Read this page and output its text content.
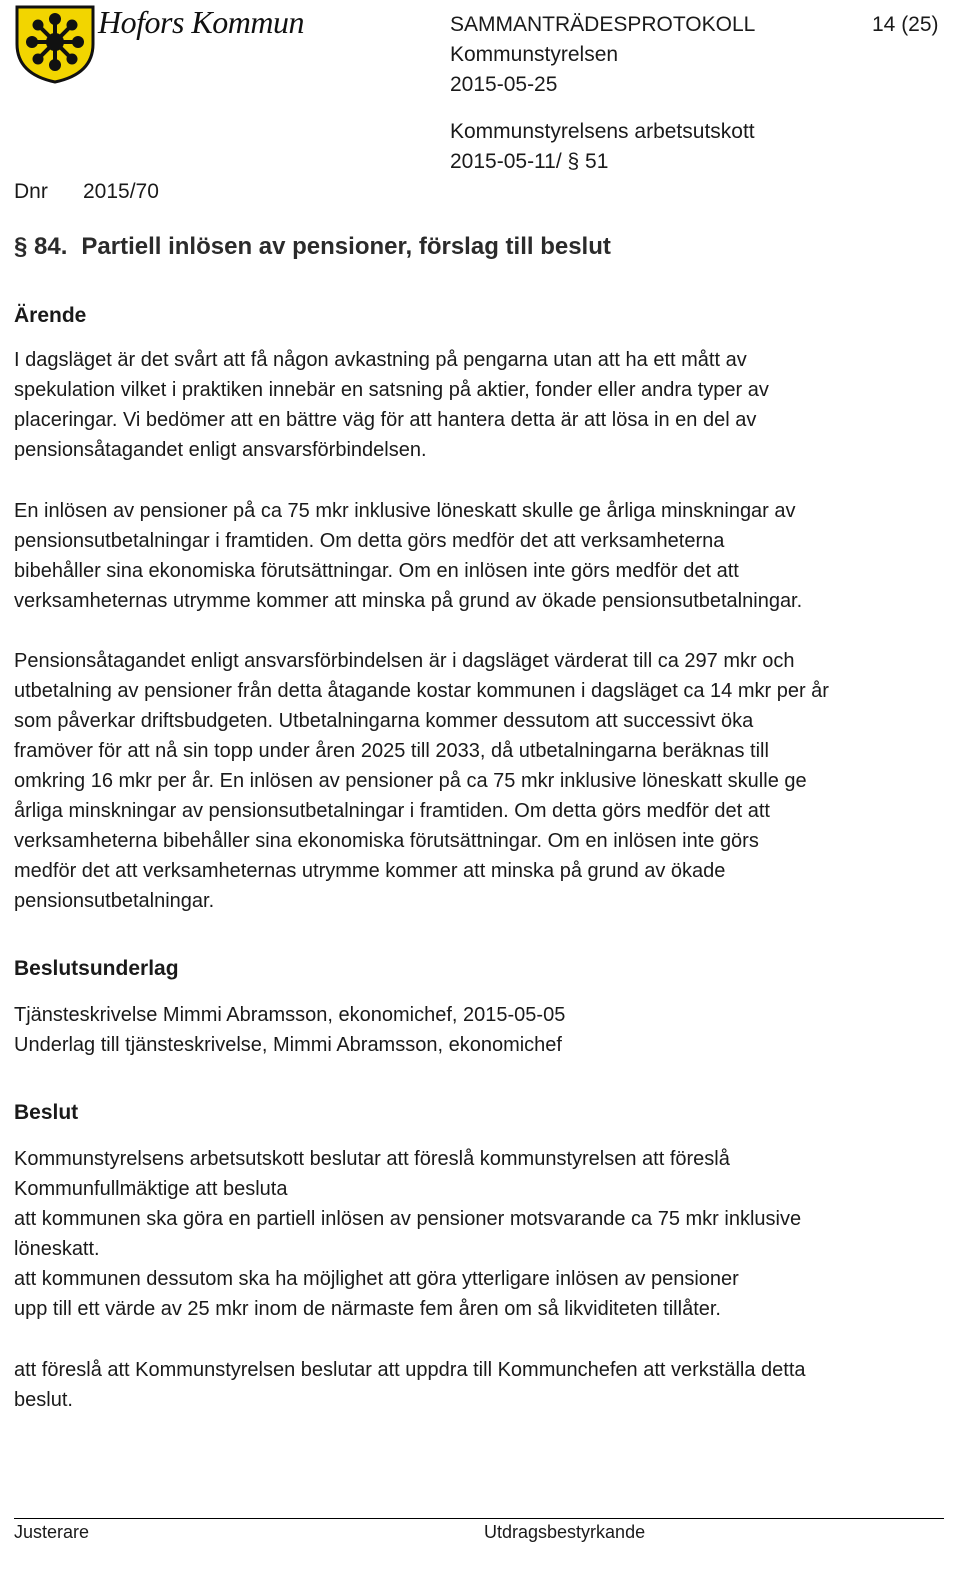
Hofors Kommun	SAMMANTRÄDESPROTOKOLL	14 (25)
Kommunstyrelsen
2015-05-25
Kommunstyrelsens arbetsutskott
2015-05-11/ § 51
Dnr 2015/70
§ 84. Partiell inlösen av pensioner, förslag till beslut
Ärende
I dagsläget är det svårt att få någon avkastning på pengarna utan att ha ett mått av
spekulation vilket i praktiken innebär en satsning på aktier, fonder eller andra typer av
placeringar. Vi bedömer att en bättre väg för att hantera detta är att lösa in en del av
pensionsåtagandet enligt ansvarsförbindelsen.
En inlösen av pensioner på ca 75 mkr inklusive löneskatt skulle ge årliga minskningar av
pensionsutbetalningar i framtiden. Om detta görs medför det att verksamheterna
bibehåller sina ekonomiska förutsättningar. Om en inlösen inte görs medför det att
verksamheternas utrymme kommer att minska på grund av ökade pensionsutbetalningar.
Pensionsåtagandet enligt ansvarsförbindelsen är i dagsläget värderat till ca 297 mkr och
utbetalning av pensioner från detta åtagande kostar kommunen i dagsläget ca 14 mkr per år
som påverkar driftsbudgeten. Utbetalningarna kommer dessutom att successivt öka
framöver för att nå sin topp under åren 2025 till 2033, då utbetalningarna beräknas till
omkring 16 mkr per år. En inlösen av pensioner på ca 75 mkr inklusive löneskatt skulle ge
årliga minskningar av pensionsutbetalningar i framtiden. Om detta görs medför det att
verksamheterna bibehåller sina ekonomiska förutsättningar. Om en inlösen inte görs
medför det att verksamheternas utrymme kommer att minska på grund av ökade
pensionsutbetalningar.
Beslutsunderlag
Tjänsteskrivelse Mimmi Abramsson, ekonomichef, 2015-05-05
Underlag till tjänsteskrivelse, Mimmi Abramsson, ekonomichef
Beslut
Kommunstyrelsens arbetsutskott beslutar att föreslå kommunstyrelsen att föreslå
Kommunfullmäktige att besluta
att kommunen ska göra en partiell inlösen av pensioner motsvarande ca 75 mkr inklusive
löneskatt.
att kommunen dessutom ska ha möjlighet att göra ytterligare inlösen av pensioner
upp till ett värde av 25 mkr inom de närmaste fem åren om så likviditeten tillåter.
att föreslå att Kommunstyrelsen beslutar att uppdra till Kommunchefen att verkställa detta
beslut.
Justerare	Utdragsbestyrkande
